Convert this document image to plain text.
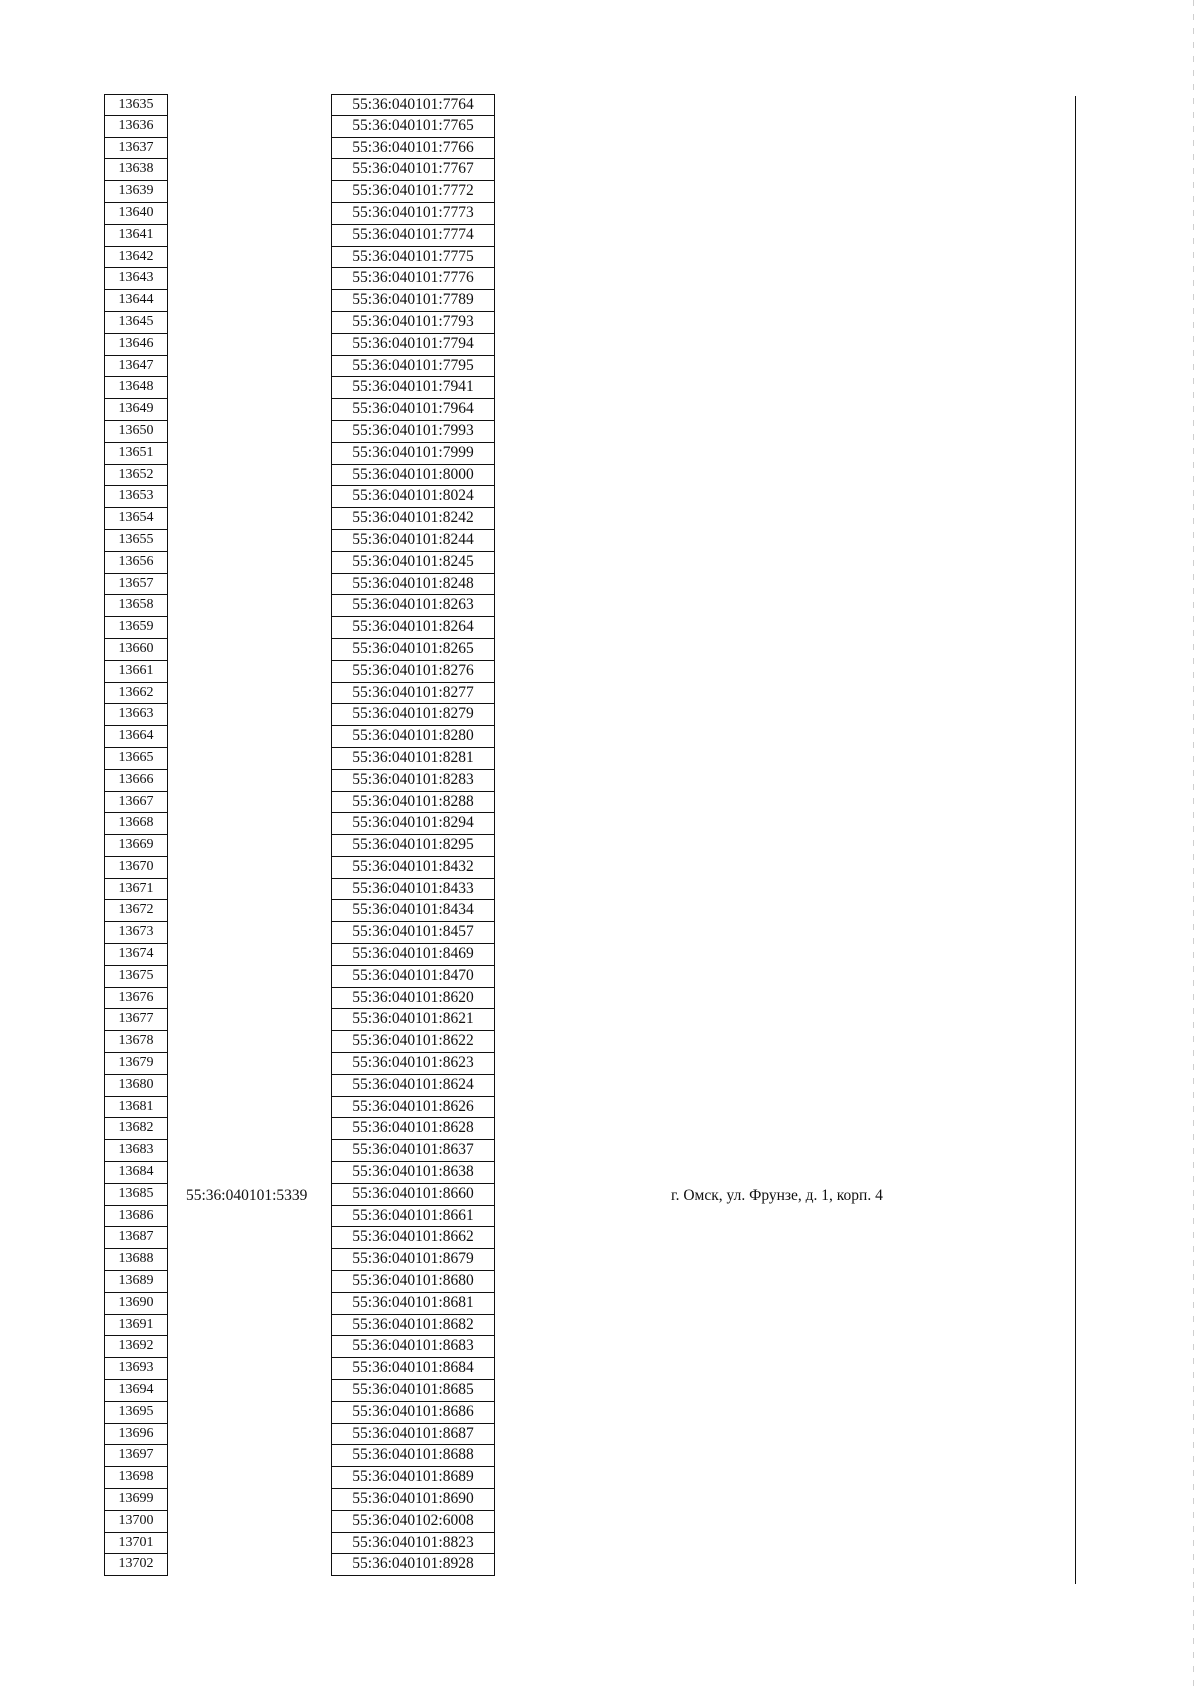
13635
13636
13637
13638
13639
13640
13641
13642
13643
13644
13645
13646
13647
13648
13649
13650
13651
13652
13653
13654
13655
13656
13657
13658
13659
13660
13661
13662
13663
13664
13665
13666
13667
13668
13669
13670
13671
13672
13673
13674
13675
13676
13677
13678
13679
13680
13681
13682
13683
13684
13685
13686
13687
13688
13689
13690
13691
13692
13693
13694
13695
13696
13697
13698
13699
13700
13701
13702
55:36:040101:5339
55:36:040101:7764
55:36:040101:7765
55:36:040101:7766
55:36:040101:7767
55:36:040101:7772
55:36:040101:7773
55:36:040101:7774
55:36:040101:7775
55:36:040101:7776
55:36:040101:7789
55:36:040101:7793
55:36:040101:7794
55:36:040101:7795
55:36:040101:7941
55:36:040101:7964
55:36:040101:7993
55:36:040101:7999
55:36:040101:8000
55:36:040101:8024
55:36:040101:8242
55:36:040101:8244
55:36:040101:8245
55:36:040101:8248
55:36:040101:8263
55:36:040101:8264
55:36:040101:8265
55:36:040101:8276
55:36:040101:8277
55:36:040101:8279
55:36:040101:8280
55:36:040101:8281
55:36:040101:8283
55:36:040101:8288
55:36:040101:8294
55:36:040101:8295
55:36:040101:8432
55:36:040101:8433
55:36:040101:8434
55:36:040101:8457
55:36:040101:8469
55:36:040101:8470
55:36:040101:8620
55:36:040101:8621
55:36:040101:8622
55:36:040101:8623
55:36:040101:8624
55:36:040101:8626
55:36:040101:8628
55:36:040101:8637
55:36:040101:8638
55:36:040101:8660
55:36:040101:8661
55:36:040101:8662
55:36:040101:8679
55:36:040101:8680
55:36:040101:8681
55:36:040101:8682
55:36:040101:8683
55:36:040101:8684
55:36:040101:8685
55:36:040101:8686
55:36:040101:8687
55:36:040101:8688
55:36:040101:8689
55:36:040101:8690
55:36:040102:6008
55:36:040101:8823
55:36:040101:8928
г. Омск, ул. Фрунзе, д. 1, корп. 4
